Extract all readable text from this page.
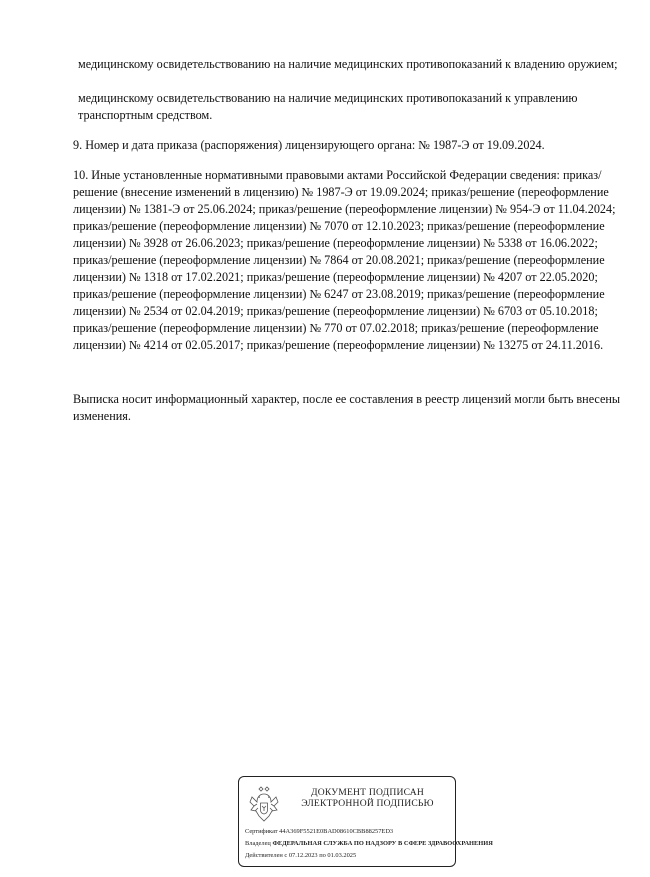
медицинскому освидетельствованию на наличие медицинских противопоказаний к владению оружием;

медицинскому освидетельствованию на наличие медицинских противопоказаний к управлению транспортным средством.

9. Номер и дата приказа (распоряжения) лицензирующего органа: № 1987-Э от 19.09.2024.

10. Иные установленные нормативными правовыми актами Российской Федерации сведения: приказ/решение (внесение изменений в лицензию) № 1987-Э от 19.09.2024; приказ/решение (переоформление лицензии) № 1381-Э от 25.06.2024; приказ/решение (переоформление лицензии) № 954-Э от 11.04.2024; приказ/решение (переоформление лицензии) № 7070 от 12.10.2023; приказ/решение (переоформление лицензии) № 3928 от 26.06.2023; приказ/решение (переоформление лицензии) № 5338 от 16.06.2022; приказ/решение (переоформление лицензии) № 7864 от 20.08.2021; приказ/решение (переоформление лицензии) № 1318 от 17.02.2021; приказ/решение (переоформление лицензии) № 4207 от 22.05.2020; приказ/решение (переоформление лицензии) № 6247 от 23.08.2019; приказ/решение (переоформление лицензии) № 2534 от 02.04.2019; приказ/решение (переоформление лицензии) № 6703 от 05.10.2018; приказ/решение (переоформление лицензии) № 770 от 07.02.2018; приказ/решение (переоформление лицензии) № 4214 от 02.05.2017; приказ/решение (переоформление лицензии) № 13275 от 24.11.2016.

Выписка носит информационный характер, после ее составления в реестр лицензий могли быть внесены изменения.

ДОКУМЕНТ ПОДПИСАН
ЭЛЕКТРОННОЙ ПОДПИСЬЮ
Сертификат 44A369F5521E0BAD08610CBB88257ED3
Владелец ФЕДЕРАЛЬНАЯ СЛУЖБА ПО НАДЗОРУ В СФЕРЕ ЗДРАВООХРАНЕНИЯ
Действителен с 07.12.2023 по 01.03.2025
